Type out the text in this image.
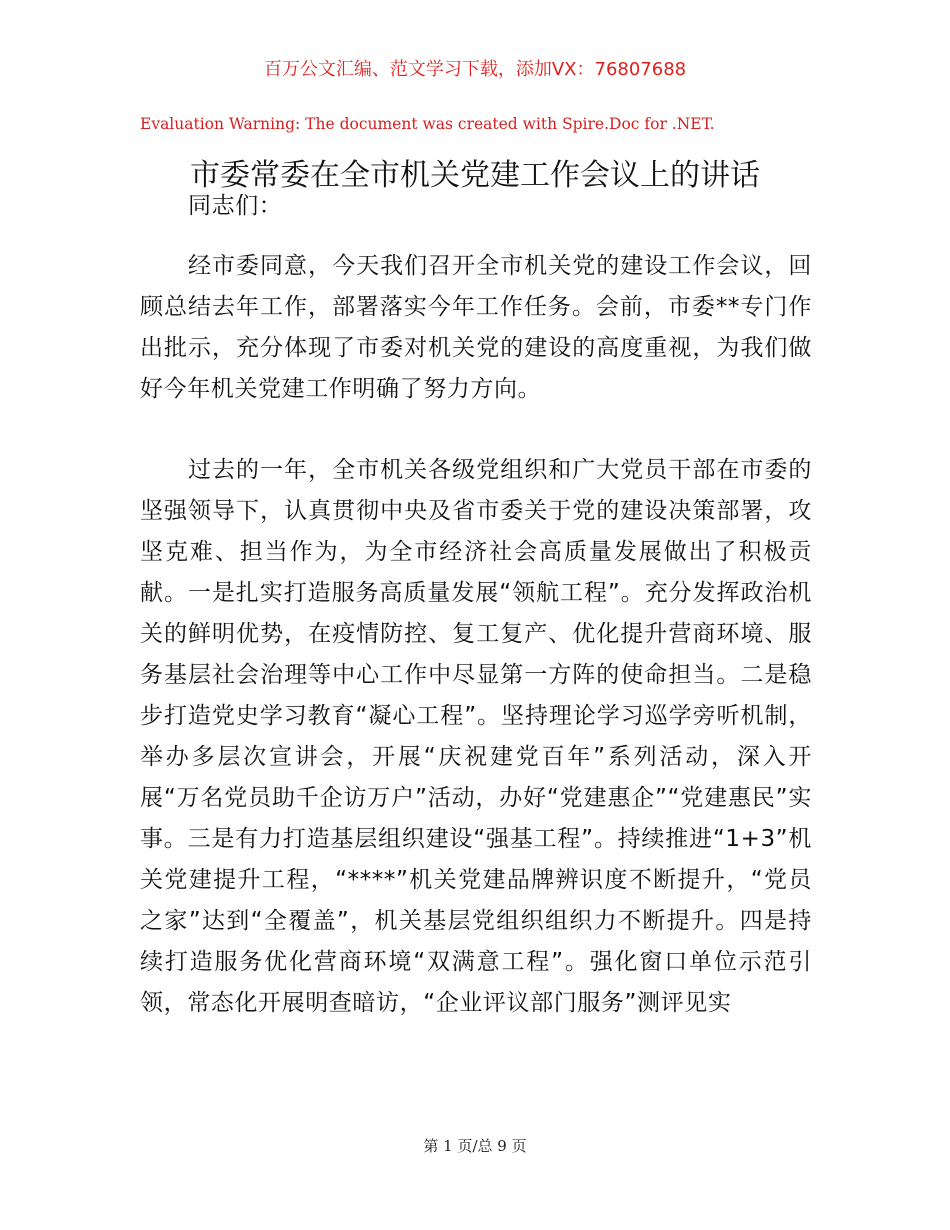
百万公文汇编、范文学习下载，添加VX：76807688
Evaluation Warning: The document was created with Spire.Doc for .NET.
市委常委在全市机关党建工作会议上的讲话
同志们：
经市委同意，今天我们召开全市机关党的建设工作会议，回顾总结去年工作，部署落实今年工作任务。会前，市委**专门作出批示，充分体现了市委对机关党的建设的高度重视，为我们做好今年机关党建工作明确了努力方向。
过去的一年，全市机关各级党组织和广大党员干部在市委的坚强领导下，认真贯彻中央及省市委关于党的建设决策部署，攻坚克难、担当作为，为全市经济社会高质量发展做出了积极贡献。一是扎实打造服务高质量发展“领航工程”。充分发挥政治机关的鲜明优势，在疫情防控、复工复产、优化提升营商环境、服务基层社会治理等中心工作中尽显第一方阵的使命担当。二是稳步打造党史学习教育“凝心工程”。坚持理论学习巡学旁听机制，举办多层次宣讲会，开展“庆祝建党百年”系列活动，深入开展“万名党员助千企访万户”活动，办好“党建惠企”“党建惠民”实事。三是有力打造基层组织建设“强基工程”。持续推进“1+3”机关党建提升工程，“****”机关党建品牌辨识度不断提升，“党员之家”达到“全覆盖”，机关基层党组织组织力不断提升。四是持续打造服务优化营商环境“双满意工程”。强化窗口单位示范引领，常态化开展明查暗访，“企业评议部门服务”测评见实
第 1 页/总 9 页
